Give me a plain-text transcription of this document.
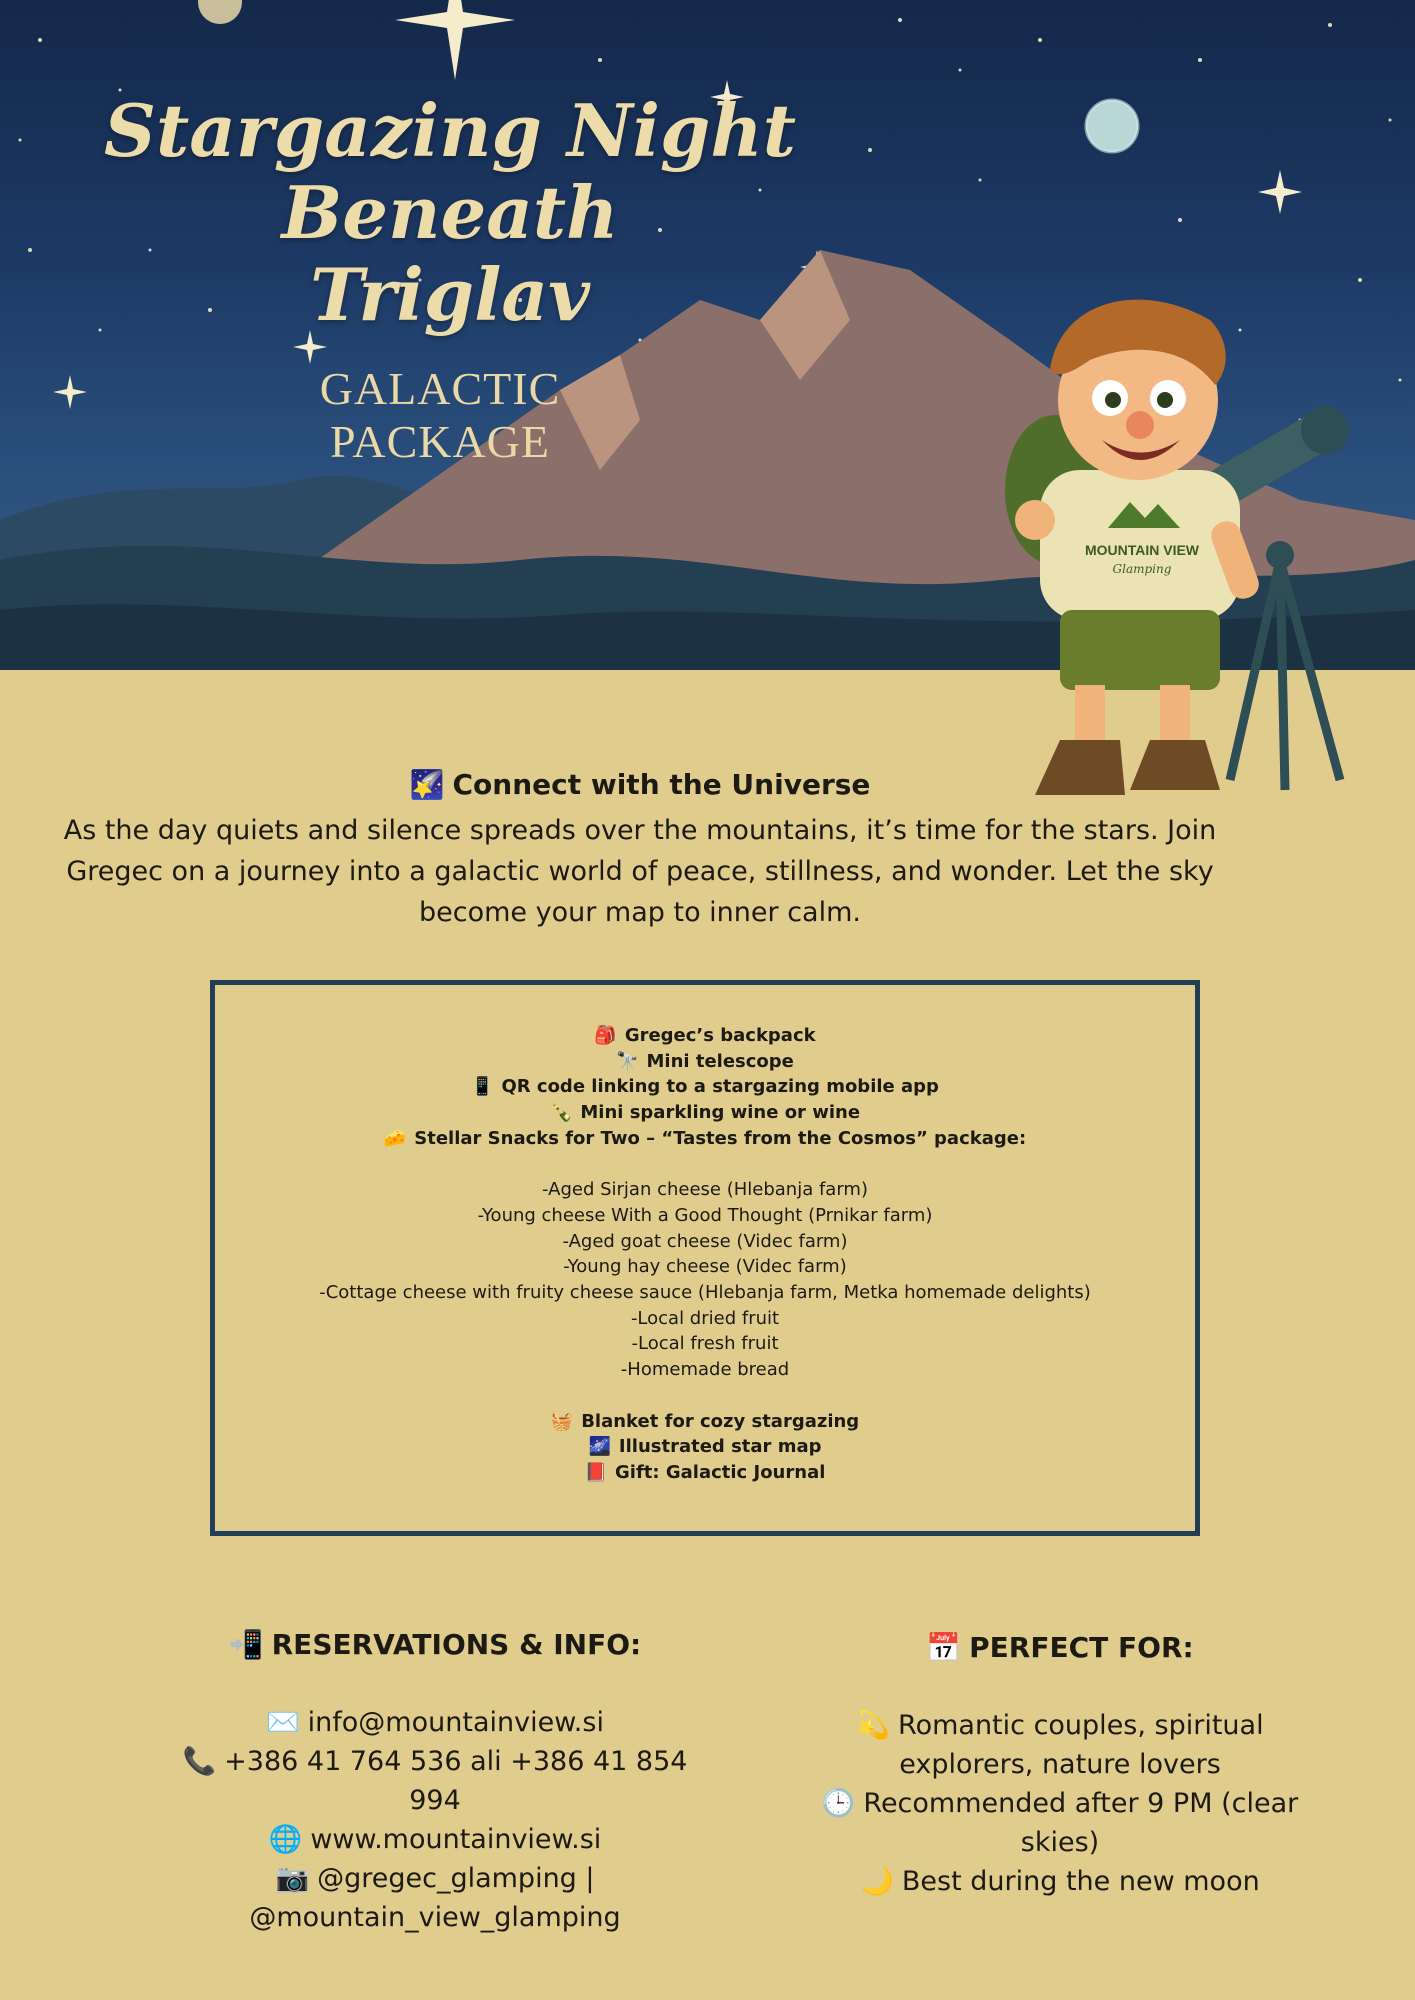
Stargazing Night Beneath
Triglav
GALACTIC PACKAGE
MOUNTAIN VIEW
Glamping
🌠 Connect with the Universe
As the day quiets and silence spreads over the mountains, it’s time for the stars. Join Gregec on a journey into a galactic world of peace, stillness, and wonder. Let the sky become your map to inner calm.
🎒 Gregec’s backpack
🔭 Mini telescope
📱 QR code linking to a stargazing mobile app
🍾 Mini sparkling wine or wine
🧀 Stellar Snacks for Two – “Tastes from the Cosmos” package:
-Aged Sirjan cheese (Hlebanja farm)
-Young cheese With a Good Thought (Prnikar farm)
-Aged goat cheese (Videc farm)
-Young hay cheese (Videc farm)
-Cottage cheese with fruity cheese sauce (Hlebanja farm, Metka homemade delights)
-Local dried fruit
-Local fresh fruit
-Homemade bread
🧺 Blanket for cozy stargazing
🌌 Illustrated star map
📕 Gift: Galactic Journal
📲 RESERVATIONS & INFO:
✉️ info@mountainview.si
📞 +386 41 764 536 ali +386 41 854 994
🌐 www.mountainview.si
📷 @gregec_glamping | @mountain_view_glamping
📅 PERFECT FOR:
💫 Romantic couples, spiritual explorers, nature lovers
🕒 Recommended after 9 PM (clear skies)
🌙 Best during the new moon
